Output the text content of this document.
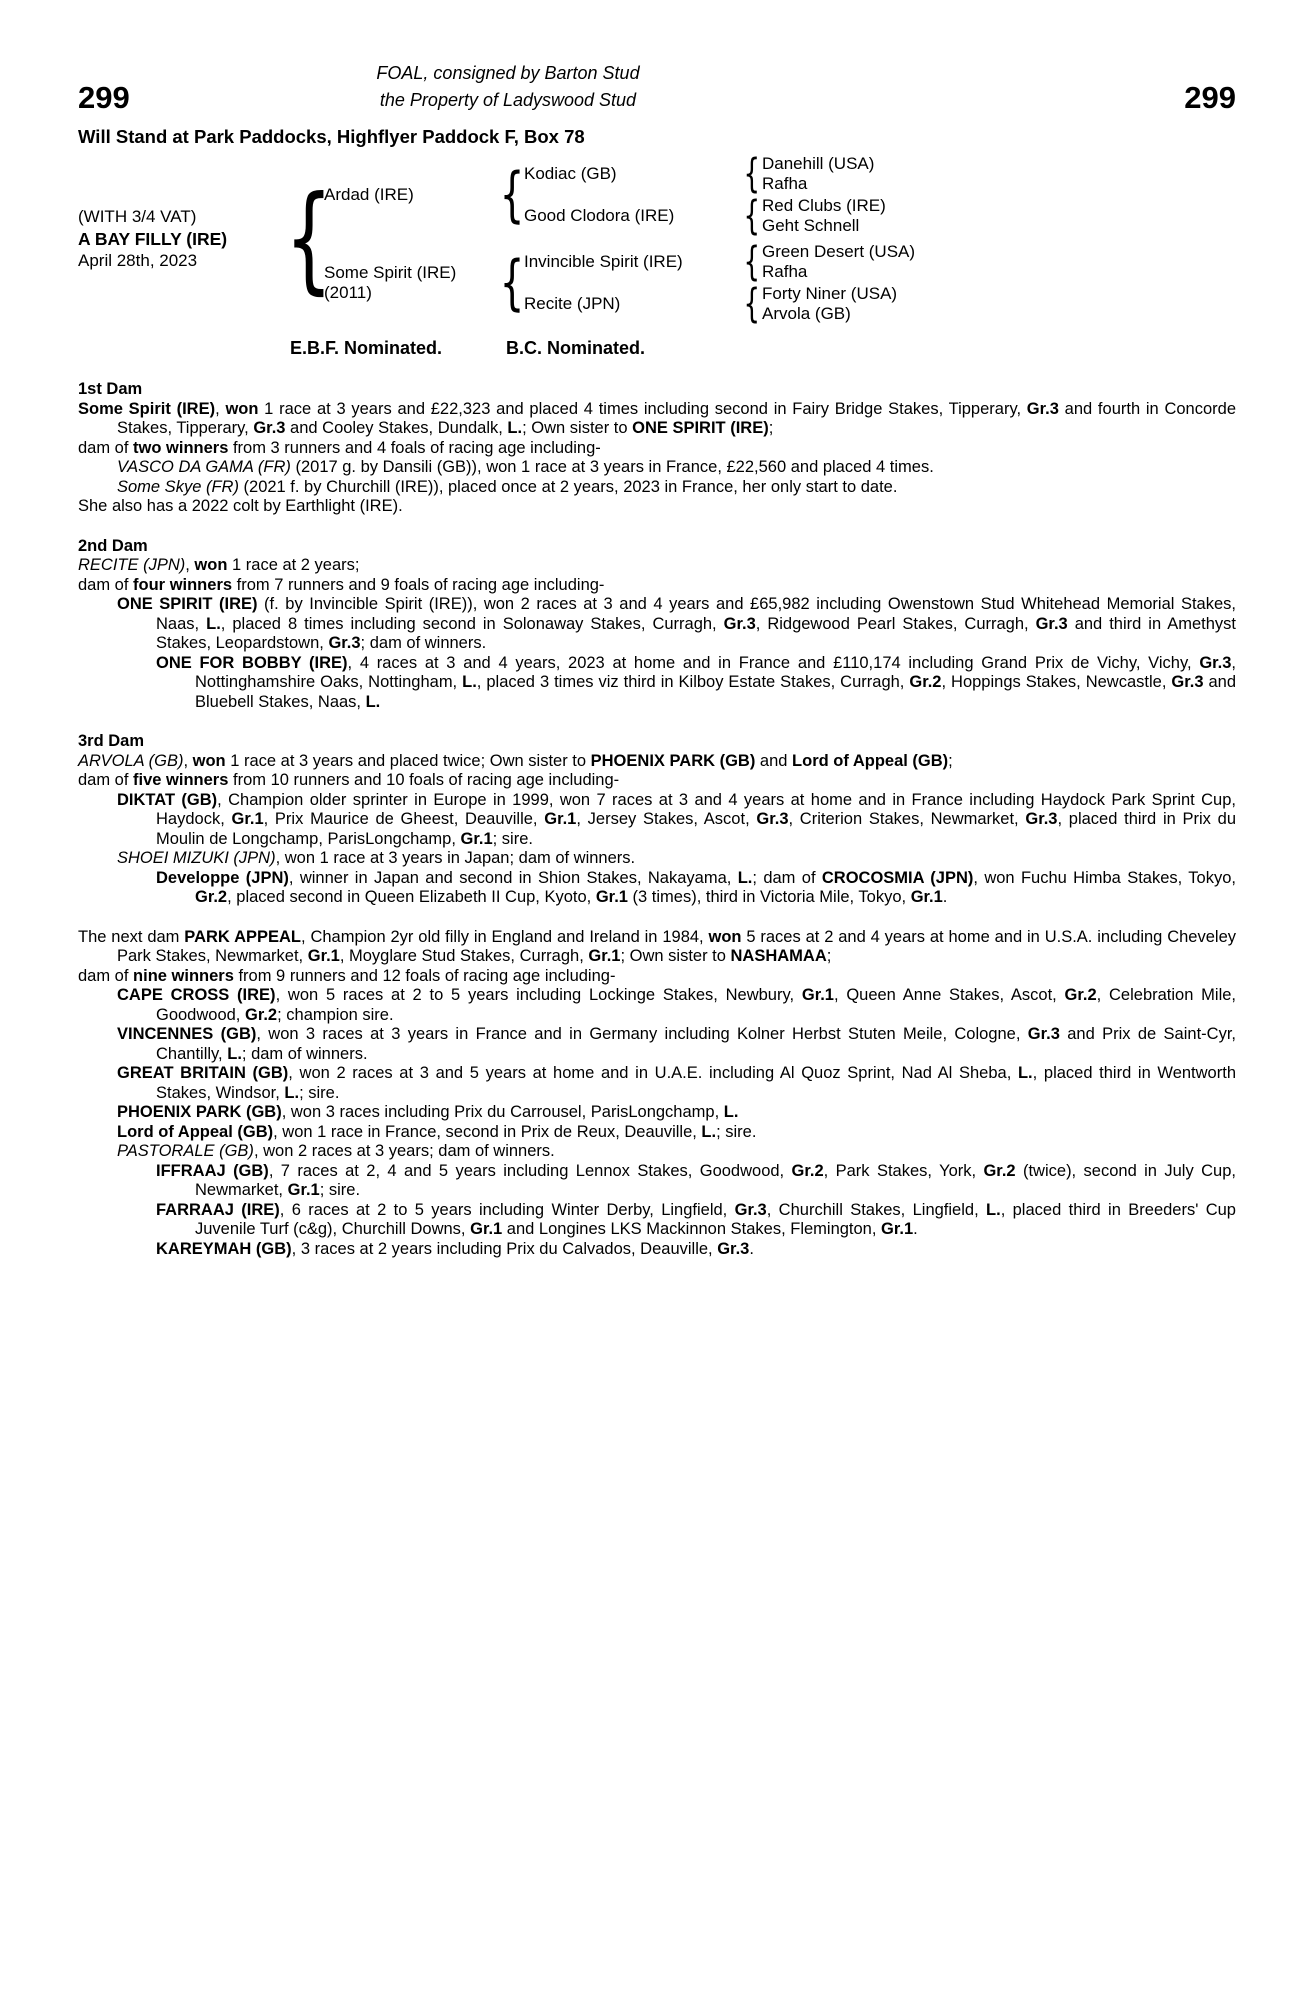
299	299
FOAL, consigned by Barton Stud
the Property of Ladyswood Stud
Will Stand at Park Paddocks, Highflyer Paddock F, Box 78
(WITH 3/4 VAT)
A BAY FILLY (IRE)
April 28th, 2023
{
Ardad (IRE)
{
Kodiac (GB)
{
Danehill (USA)
Rafha
Good Clodora (IRE)
{
Red Clubs (IRE)
Geht Schnell
Some Spirit (IRE)
(2011)
{
Invincible Spirit (IRE)
{
Green Desert (USA)
Rafha
Recite (JPN)
{
Forty Niner (USA)
Arvola (GB)
E.B.F. Nominated.	B.C. Nominated.
1st Dam

Some Spirit (IRE), won 1 race at 3 years and £22,323 and placed 4 times including second in Fairy Bridge Stakes, Tipperary, Gr.3 and fourth in Concorde Stakes, Tipperary, Gr.3 and Cooley Stakes, Dundalk, L.; Own sister to ONE SPIRIT (IRE);

dam of two winners from 3 runners and 4 foals of racing age including-

VASCO DA GAMA (FR) (2017 g. by Dansili (GB)), won 1 race at 3 years in France, £22,560 and placed 4 times.

Some Skye (FR) (2021 f. by Churchill (IRE)), placed once at 2 years, 2023 in France, her only start to date.

She also has a 2022 colt by Earthlight (IRE).

2nd Dam

RECITE (JPN), won 1 race at 2 years;

dam of four winners from 7 runners and 9 foals of racing age including-

ONE SPIRIT (IRE) (f. by Invincible Spirit (IRE)), won 2 races at 3 and 4 years and £65,982 including Owenstown Stud Whitehead Memorial Stakes, Naas, L., placed 8 times including second in Solonaway Stakes, Curragh, Gr.3, Ridgewood Pearl Stakes, Curragh, Gr.3 and third in Amethyst Stakes, Leopardstown, Gr.3; dam of winners.

ONE FOR BOBBY (IRE), 4 races at 3 and 4 years, 2023 at home and in France and £110,174 including Grand Prix de Vichy, Vichy, Gr.3, Nottinghamshire Oaks, Nottingham, L., placed 3 times viz third in Kilboy Estate Stakes, Curragh, Gr.2, Hoppings Stakes, Newcastle, Gr.3 and Bluebell Stakes, Naas, L.

3rd Dam

ARVOLA (GB), won 1 race at 3 years and placed twice; Own sister to PHOENIX PARK (GB) and Lord of Appeal (GB);

dam of five winners from 10 runners and 10 foals of racing age including-

DIKTAT (GB), Champion older sprinter in Europe in 1999, won 7 races at 3 and 4 years at home and in France including Haydock Park Sprint Cup, Haydock, Gr.1, Prix Maurice de Gheest, Deauville, Gr.1, Jersey Stakes, Ascot, Gr.3, Criterion Stakes, Newmarket, Gr.3, placed third in Prix du Moulin de Longchamp, ParisLongchamp, Gr.1; sire.

SHOEI MIZUKI (JPN), won 1 race at 3 years in Japan; dam of winners.

Developpe (JPN), winner in Japan and second in Shion Stakes, Nakayama, L.; dam of CROCOSMIA (JPN), won Fuchu Himba Stakes, Tokyo, Gr.2, placed second in Queen Elizabeth II Cup, Kyoto, Gr.1 (3 times), third in Victoria Mile, Tokyo, Gr.1.

The next dam PARK APPEAL, Champion 2yr old filly in England and Ireland in 1984, won 5 races at 2 and 4 years at home and in U.S.A. including Cheveley Park Stakes, Newmarket, Gr.1, Moyglare Stud Stakes, Curragh, Gr.1; Own sister to NASHAMAA;

dam of nine winners from 9 runners and 12 foals of racing age including-

CAPE CROSS (IRE), won 5 races at 2 to 5 years including Lockinge Stakes, Newbury, Gr.1, Queen Anne Stakes, Ascot, Gr.2, Celebration Mile, Goodwood, Gr.2; champion sire.

VINCENNES (GB), won 3 races at 3 years in France and in Germany including Kolner Herbst Stuten Meile, Cologne, Gr.3 and Prix de Saint-Cyr, Chantilly, L.; dam of winners.

GREAT BRITAIN (GB), won 2 races at 3 and 5 years at home and in U.A.E. including Al Quoz Sprint, Nad Al Sheba, L., placed third in Wentworth Stakes, Windsor, L.; sire.

PHOENIX PARK (GB), won 3 races including Prix du Carrousel, ParisLongchamp, L.

Lord of Appeal (GB), won 1 race in France, second in Prix de Reux, Deauville, L.; sire.

PASTORALE (GB), won 2 races at 3 years; dam of winners.

IFFRAAJ (GB), 7 races at 2, 4 and 5 years including Lennox Stakes, Goodwood, Gr.2, Park Stakes, York, Gr.2 (twice), second in July Cup, Newmarket, Gr.1; sire.

FARRAAJ (IRE), 6 races at 2 to 5 years including Winter Derby, Lingfield, Gr.3, Churchill Stakes, Lingfield, L., placed third in Breeders' Cup Juvenile Turf (c&g), Churchill Downs, Gr.1 and Longines LKS Mackinnon Stakes, Flemington, Gr.1.

KAREYMAH (GB), 3 races at 2 years including Prix du Calvados, Deauville, Gr.3.
